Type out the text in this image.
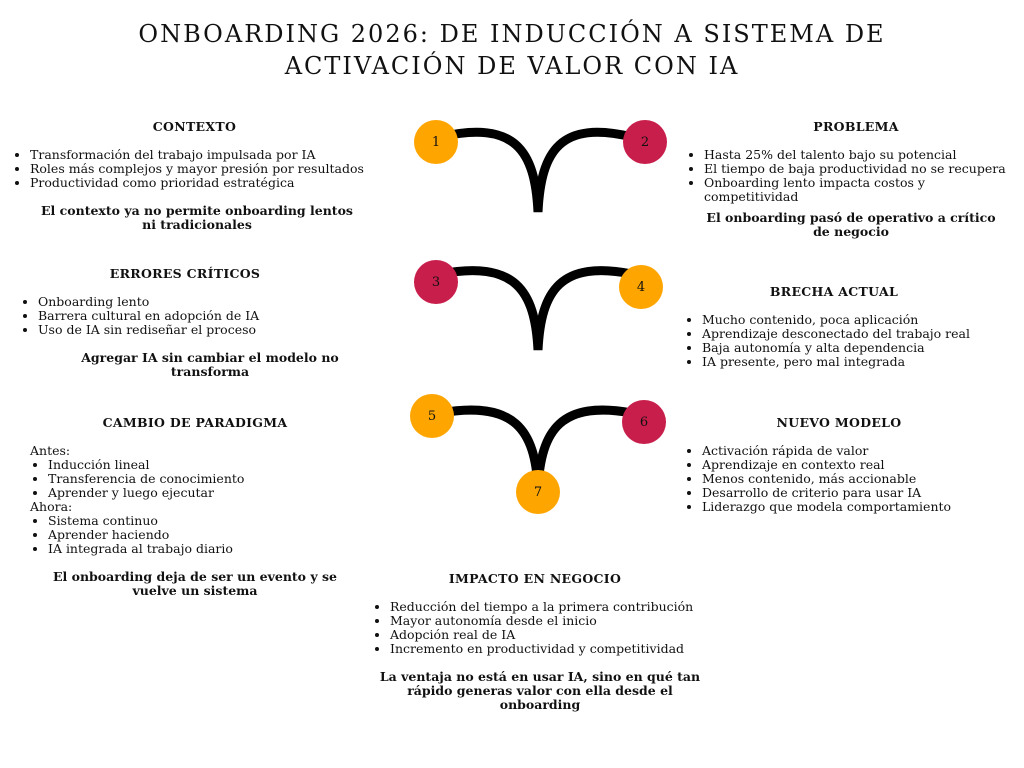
ONBOARDING 2026: DE INDUCCIÓN A SISTEMA DE
ACTIVACIÓN DE VALOR CON IA
1	2
3	4
5	6
7
CONTEXTO
• Transformación del trabajo impulsada por IA
• Roles más complejos y mayor presión por resultados
• Productividad como prioridad estratégica

El contexto ya no permite onboarding lentos ni tradicionales

PROBLEMA
• Hasta 25% del talento bajo su potencial
• El tiempo de baja productividad no se recupera
• Onboarding lento impacta costos y competitividad

El onboarding pasó de operativo a crítico de negocio

ERRORES CRÍTICOS
• Onboarding lento
• Barrera cultural en adopción de IA
• Uso de IA sin rediseñar el proceso

Agregar IA sin cambiar el modelo no transforma

BRECHA ACTUAL
• Mucho contenido, poca aplicación
• Aprendizaje desconectado del trabajo real
• Baja autonomía y alta dependencia
• IA presente, pero mal integrada
CAMBIO DE PARADIGMA

Antes:

• Inducción lineal
• Transferencia de conocimiento
• Aprender y luego ejecutar

Ahora:

• Sistema continuo
• Aprender haciendo
• IA integrada al trabajo diario

El onboarding deja de ser un evento y se vuelve un sistema

NUEVO MODELO
• Activación rápida de valor
• Aprendizaje en contexto real
• Menos contenido, más accionable
• Desarrollo de criterio para usar IA
• Liderazgo que modela comportamiento
IMPACTO EN NEGOCIO
• Reducción del tiempo a la primera contribución
• Mayor autonomía desde el inicio
• Adopción real de IA
• Incremento en productividad y competitividad

La ventaja no está en usar IA, sino en qué tan rápido generas valor con ella desde el onboarding
